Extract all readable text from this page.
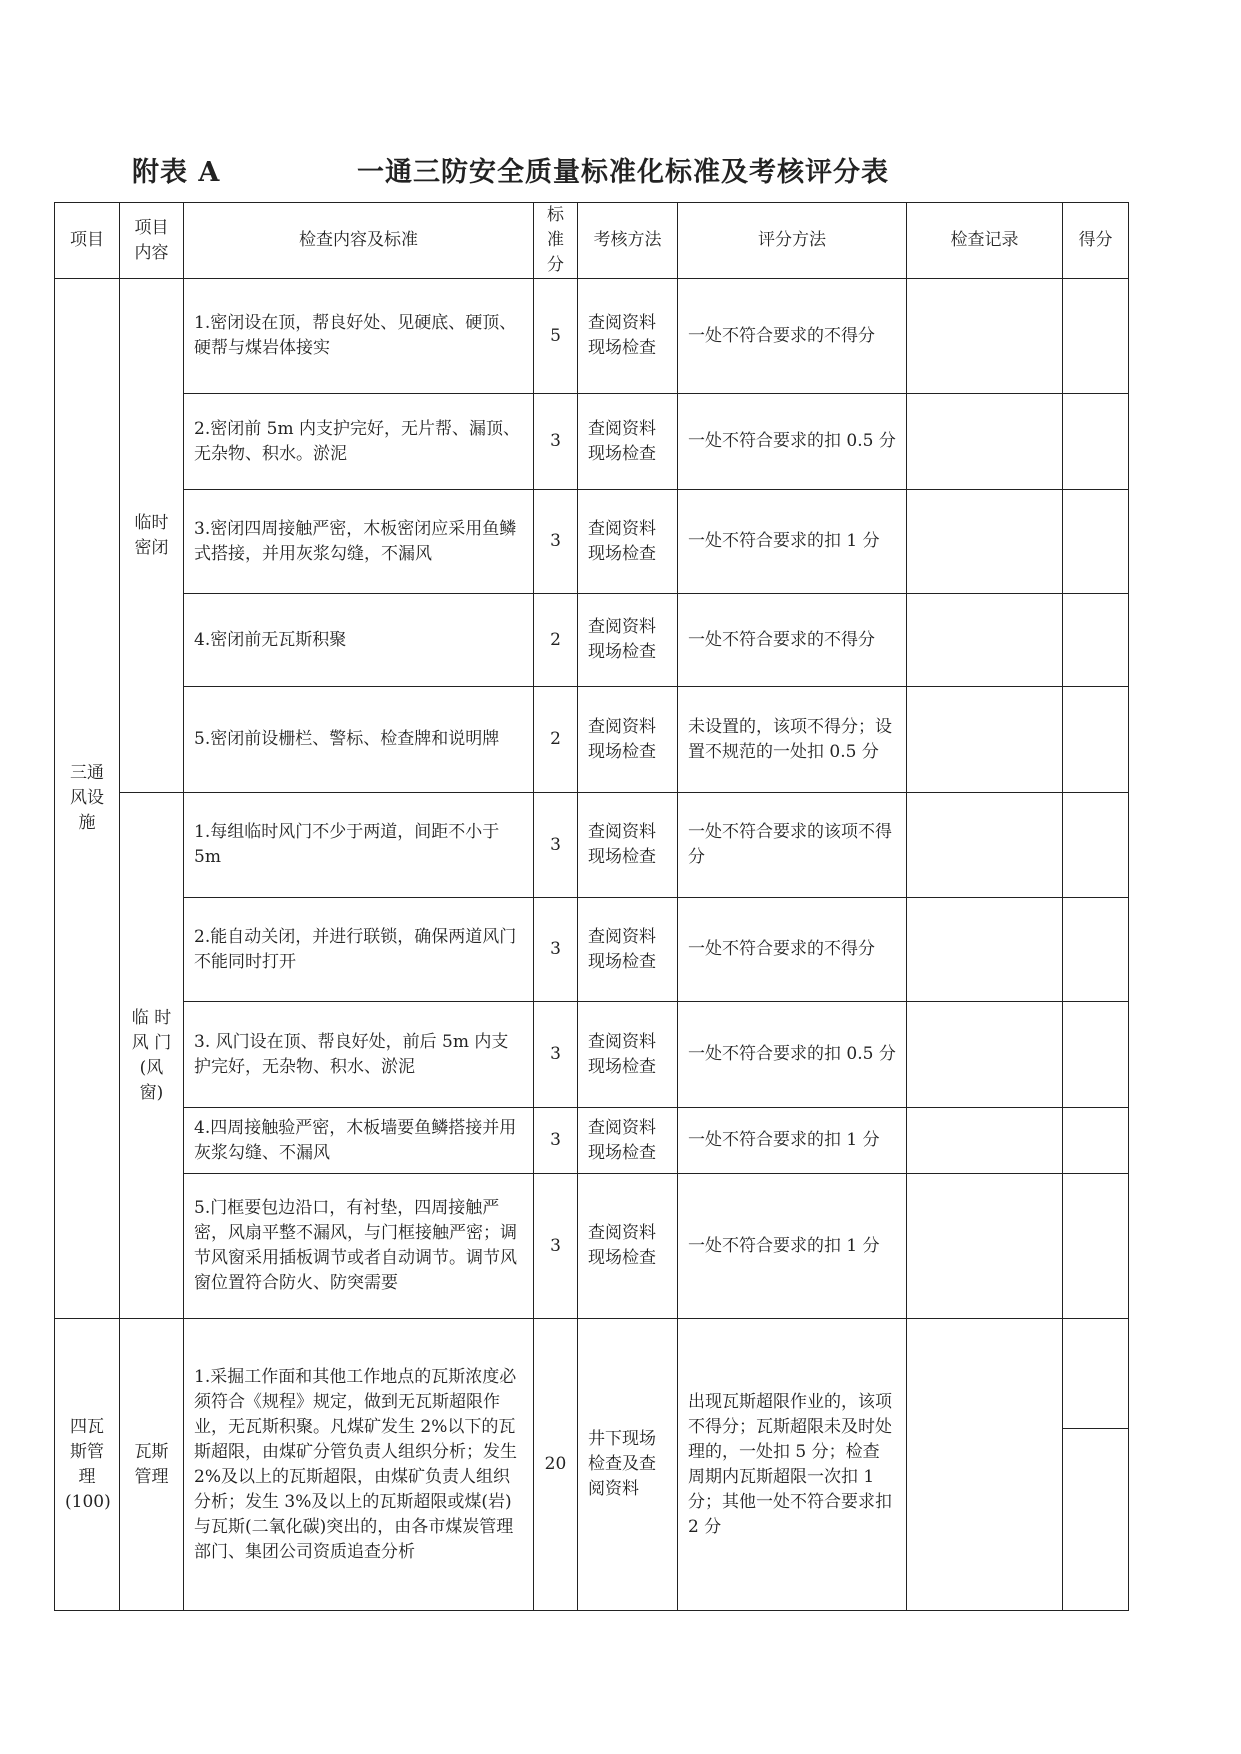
附表 A	一通三防安全质量标准化标准及考核评分表
项目	项目内容	检查内容及标准	标准分	考核方法	评分方法	检查记录	得分
三通风设施	临时密闭	1.密闭设在顶，帮良好处、见硬底、硬顶、硬帮与煤岩体接实	5	查阅资料现场检查	一处不符合要求的不得分		
		2.密闭前 5m 内支护完好，无片帮、漏顶、无杂物、积水。淤泥	3	查阅资料现场检查	一处不符合要求的扣 0.5 分		
		3.密闭四周接触严密，木板密闭应采用鱼鳞式搭接，并用灰浆勾缝，不漏风	3	查阅资料现场检查	一处不符合要求的扣 1 分		
		4.密闭前无瓦斯积聚	2	查阅资料现场检查	一处不符合要求的不得分		
		5.密闭前设栅栏、警标、检查牌和说明牌	2	查阅资料现场检查	未设置的，该项不得分；设置不规范的一处扣 0.5 分		
	临 时风 门(风窗)	1.每组临时风门不少于两道，间距不小于 5m	3	查阅资料现场检查	一处不符合要求的该项不得分		
		2.能自动关闭，并进行联锁，确保两道风门不能同时打开	3	查阅资料现场检查	一处不符合要求的不得分		
		3. 风门设在顶、帮良好处，前后 5m 内支护完好，无杂物、积水、淤泥	3	查阅资料现场检查	一处不符合要求的扣 0.5 分		
		4.四周接触验严密，木板墙要鱼鳞搭接并用灰浆勾缝、不漏风	3	查阅资料现场检查	一处不符合要求的扣 1 分		
		5.门框要包边沿口，有衬垫，四周接触严密，风扇平整不漏风，与门框接触严密；调节风窗采用插板调节或者自动调节。调节风窗位置符合防火、防突需要	3	查阅资料现场检查	一处不符合要求的扣 1 分		
四瓦斯管理(100)	瓦斯管理	1.采掘工作面和其他工作地点的瓦斯浓度必须符合《规程》规定，做到无瓦斯超限作业，无瓦斯积聚。凡煤矿发生 2%以下的瓦斯超限，由煤矿分管负责人组织分析；发生 2%及以上的瓦斯超限，由煤矿负责人组织分析；发生 3%及以上的瓦斯超限或煤(岩)与瓦斯(二氧化碳)突出的，由各市煤炭管理部门、集团公司资质追查分析	20	井下现场检查及查阅资料	出现瓦斯超限作业的，该项不得分；瓦斯超限未及时处理的，一处扣 5 分；检查周期内瓦斯超限一次扣 1 分；其他一处不符合要求扣 2 分		
